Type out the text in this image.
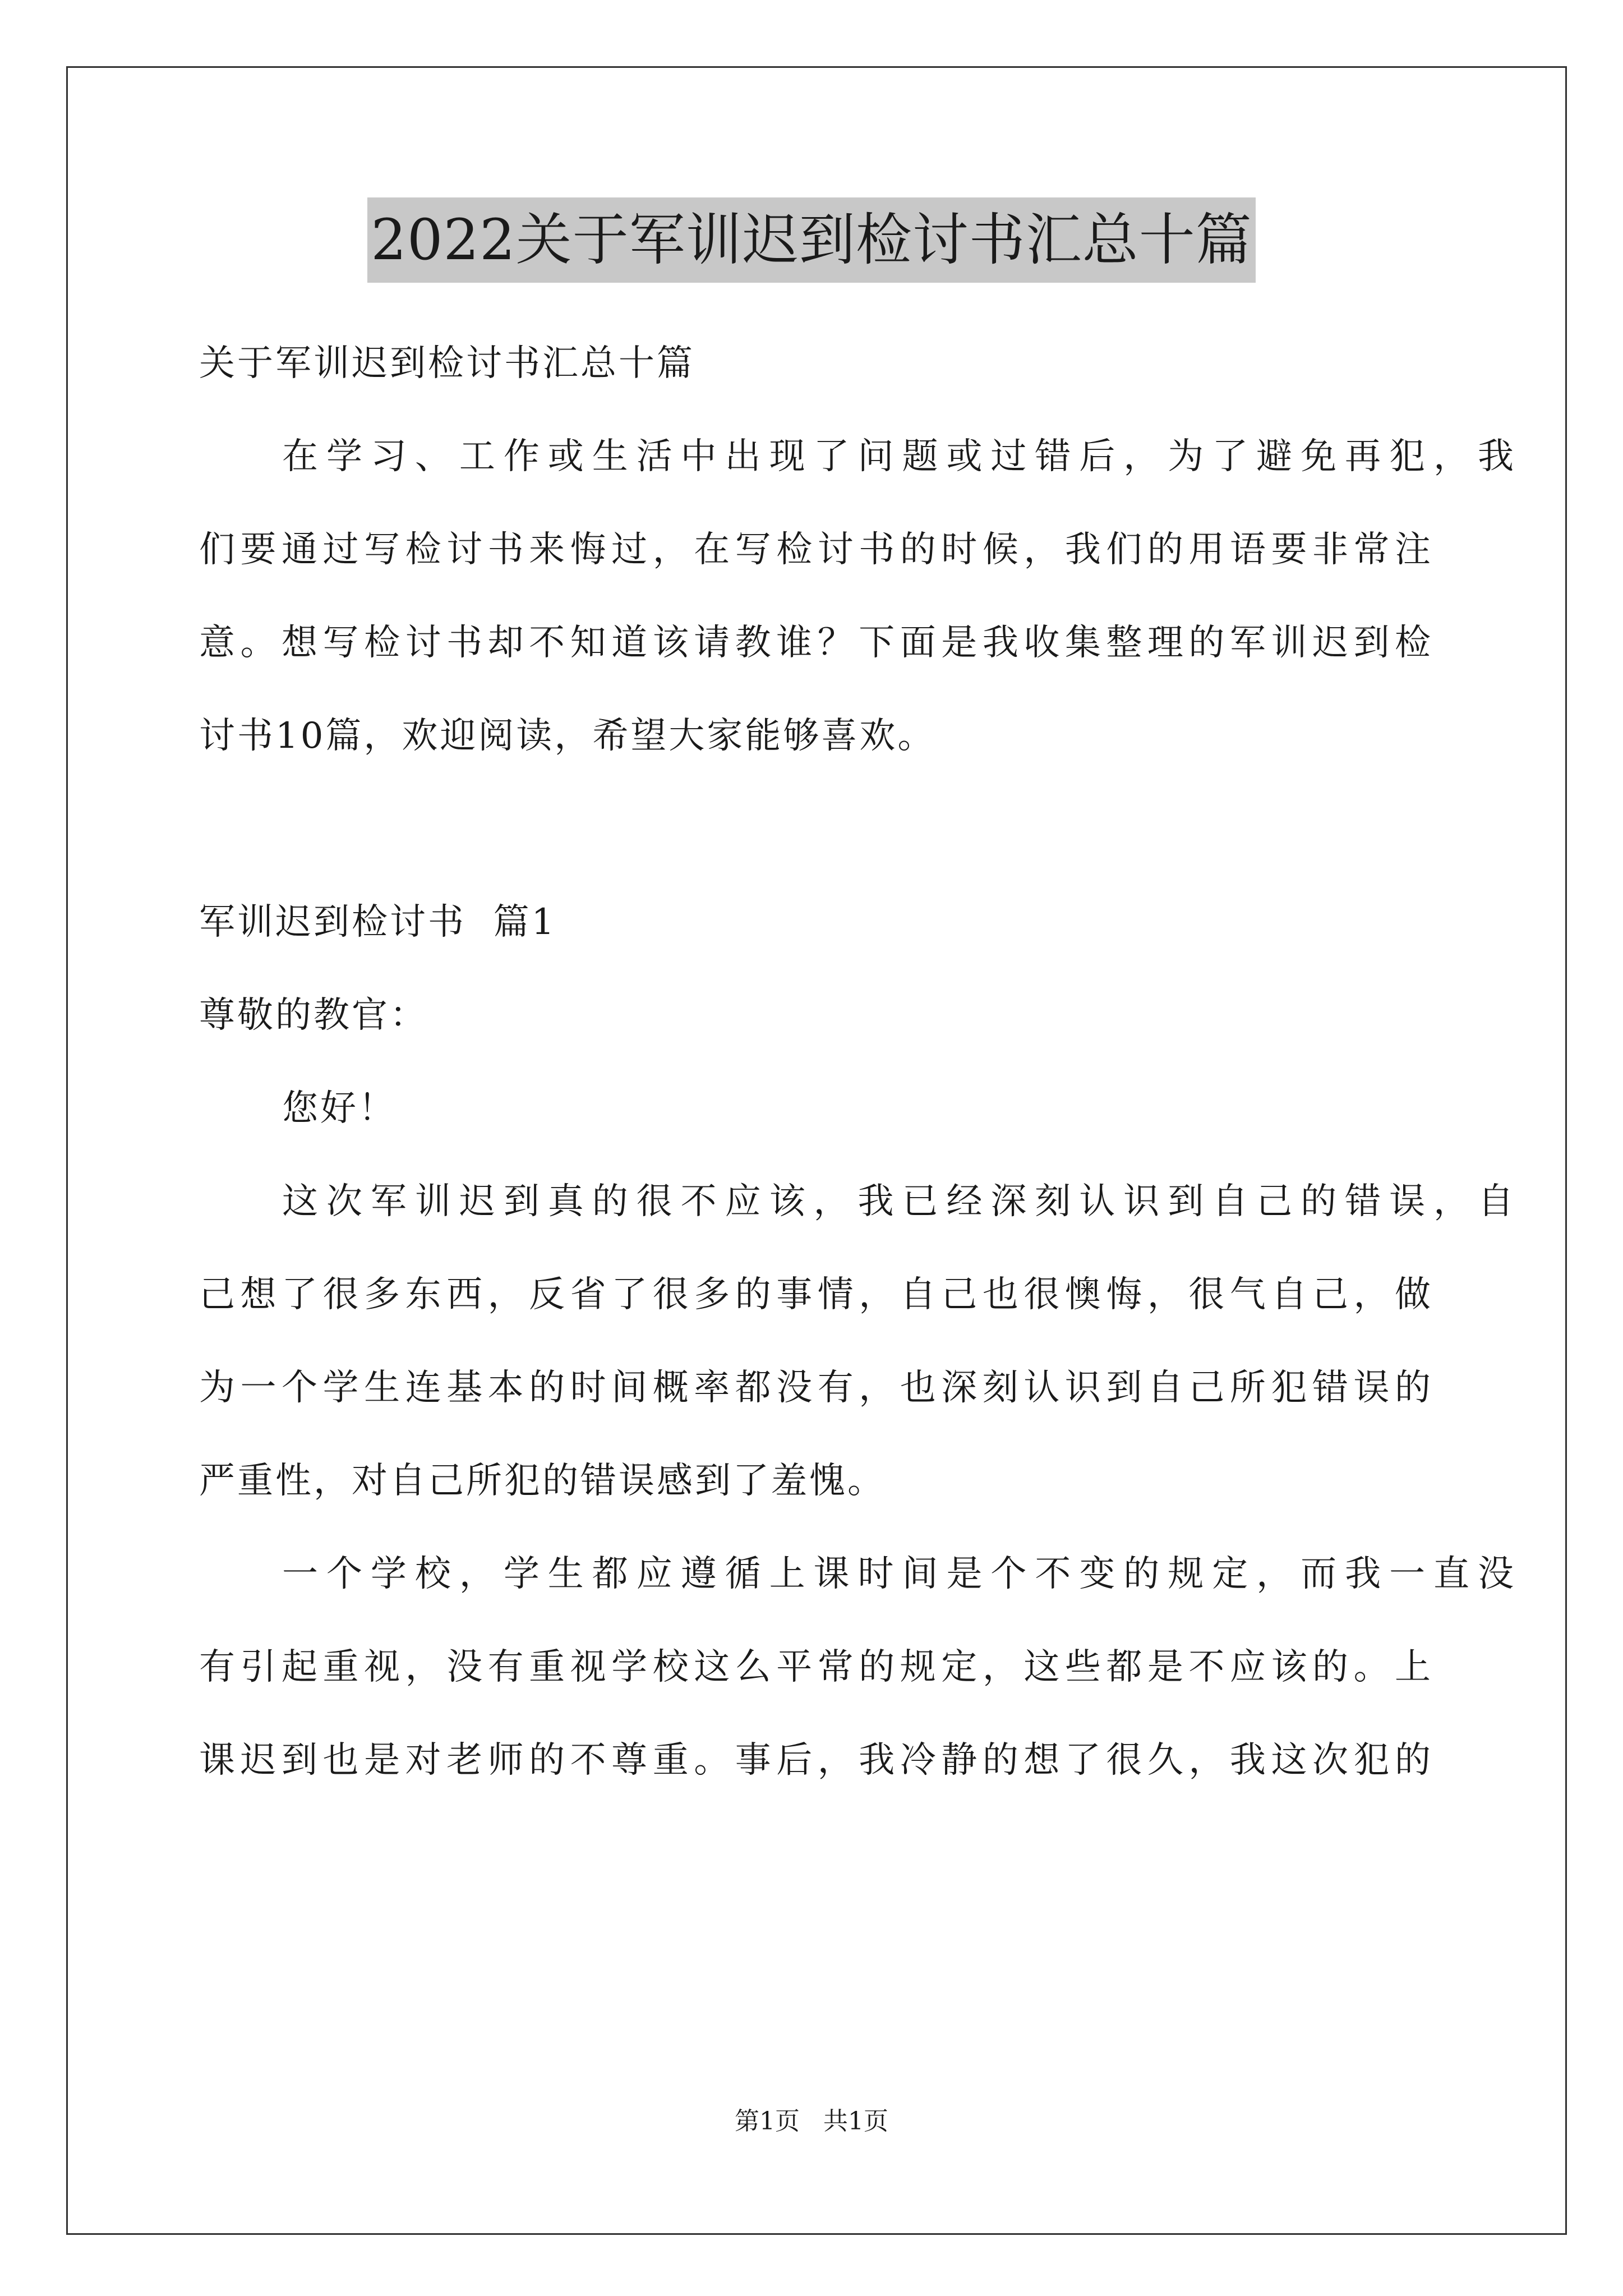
2022关于军训迟到检讨书汇总十篇

关于军训迟到检讨书汇总十篇

在学习、工作或生活中出现了问题或过错后，为了避免再犯，我

们要通过写检讨书来悔过，在写检讨书的时候，我们的用语要非常注

意。想写检讨书却不知道该请教谁？下面是我收集整理的军训迟到检

讨书10篇，欢迎阅读，希望大家能够喜欢。

军训迟到检讨书  篇1

尊敬的教官：

您好！

这次军训迟到真的很不应该，我已经深刻认识到自己的错误，自

己想了很多东西，反省了很多的事情，自己也很懊悔，很气自己，做

为一个学生连基本的时间概率都没有，也深刻认识到自己所犯错误的

严重性，对自己所犯的错误感到了羞愧。

一个学校，学生都应遵循上课时间是个不变的规定，而我一直没

有引起重视，没有重视学校这么平常的规定，这些都是不应该的。上

课迟到也是对老师的不尊重。事后，我冷静的想了很久，我这次犯的

第1页   共1页
